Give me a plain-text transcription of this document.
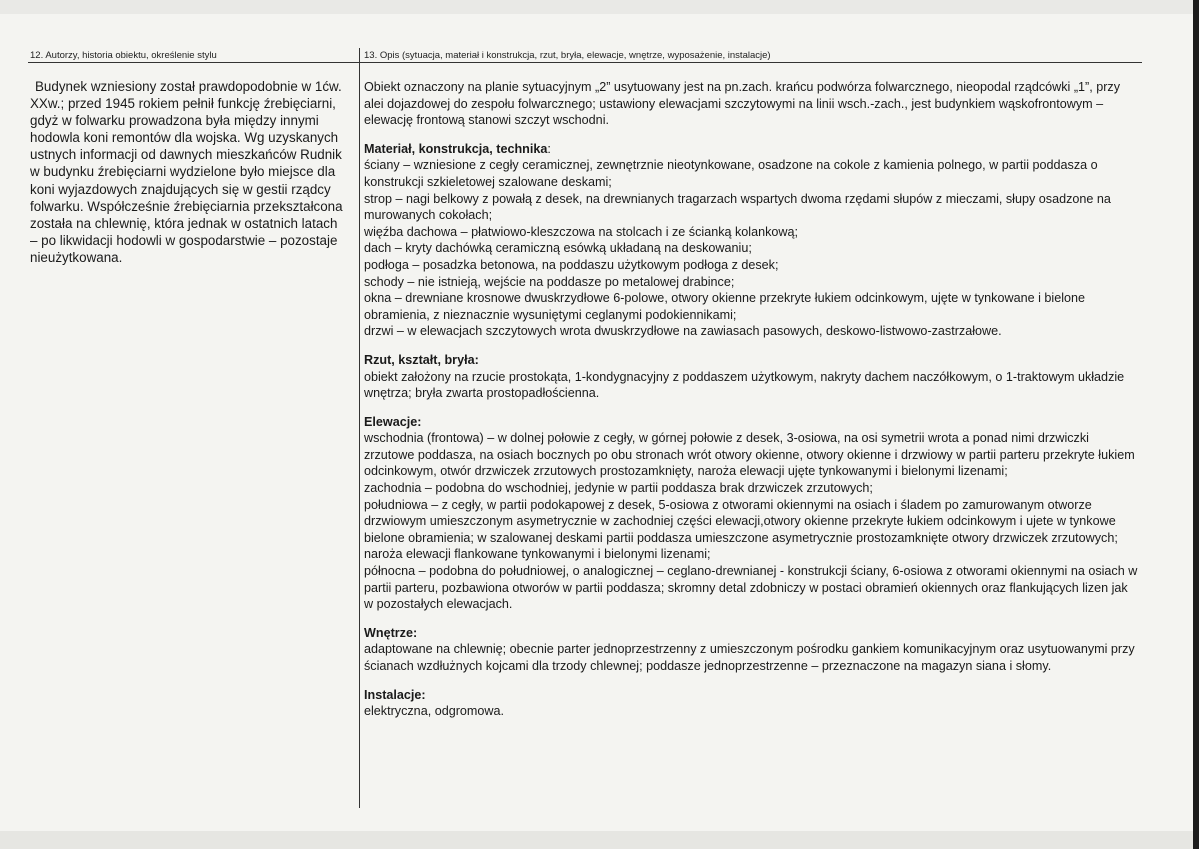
12. Autorzy, historia obiektu, określenie stylu	13. Opis (sytuacja, materiał i konstrukcja, rzut, bryła, elewacje, wnętrze, wyposażenie, instalacje)

Budynek wzniesiony został prawdopodobnie w 1ćw. XXw.; przed 1945 rokiem pełnił funkcję źrebięciarni, gdyż w folwarku prowadzona była między innymi hodowla koni remontów dla wojska. Wg uzyskanych ustnych informacji od dawnych mieszkańców Rudnik w budynku źrebięciarni wydzielone było miejsce dla koni wyjazdowych znajdujących się w gestii rządcy folwarku. Współcześnie źrebięciarnia przekształcona została na chlewnię, która jednak w ostatnich latach – po likwidacji hodowli w gospodarstwie – pozostaje nieużytkowana.

Obiekt oznaczony na planie sytuacyjnym „2” usytuowany jest na pn.zach. krańcu podwórza folwarcznego, nieopodal rządcówki „1”, przy alei dojazdowej do zespołu folwarcznego; ustawiony elewacjami szczytowymi na linii wsch.-zach., jest budynkiem wąskofrontowym – elewację frontową stanowi szczyt wschodni.

Materiał, konstrukcja, technika:
ściany – wzniesione z cegły ceramicznej, zewnętrznie nieotynkowane, osadzone na cokole z kamienia polnego, w partii poddasza o konstrukcji szkieletowej szalowane deskami;
strop – nagi belkowy z powałą z desek, na drewnianych tragarzach wspartych dwoma rzędami słupów z mieczami, słupy osadzone na murowanych cokołach;
więźba dachowa – płatwiowo-kleszczowa na stolcach i ze ścianką kolankową;
dach – kryty dachówką ceramiczną esówką układaną na deskowaniu;
podłoga – posadzka betonowa, na poddaszu użytkowym podłoga z desek;
schody – nie istnieją, wejście na poddasze po metalowej drabince;
okna – drewniane krosnowe dwuskrzydłowe 6-polowe, otwory okienne przekryte łukiem odcinkowym, ujęte w tynkowane i bielone obramienia, z nieznacznie wysuniętymi ceglanymi podokiennikami;
drzwi – w elewacjach szczytowych wrota dwuskrzydłowe na zawiasach pasowych, deskowo-listwowo-zastrzałowe.
Rzut, kształt, bryła:
obiekt założony na rzucie prostokąta, 1-kondygnacyjny z poddaszem użytkowym, nakryty dachem naczółkowym, o 1-traktowym układzie wnętrza; bryła zwarta prostopadłościenna.
Elewacje:
wschodnia (frontowa) – w dolnej połowie z cegły, w górnej połowie z desek, 3-osiowa, na osi symetrii wrota a ponad nimi drzwiczki zrzutowe poddasza, na osiach bocznych po obu stronach wrót otwory okienne, otwory okienne i drzwiowy w partii parteru przekryte łukiem odcinkowym, otwór drzwiczek zrzutowych prostozamknięty, naroża elewacji ujęte tynkowanymi i bielonymi lizenami;
zachodnia – podobna do wschodniej, jedynie w partii poddasza brak drzwiczek zrzutowych;
południowa – z cegły, w partii podokapowej z desek, 5-osiowa z otworami okiennymi na osiach i śladem po zamurowanym otworze drzwiowym umieszczonym asymetrycznie w zachodniej części elewacji,otwory okienne przekryte łukiem odcinkowym i ujete w tynkowe bielone obramienia; w szalowanej deskami partii poddasza umieszczone asymetrycznie prostozamknięte otwory drzwiczek zrzutowych; naroża elewacji flankowane tynkowanymi i bielonymi lizenami;
północna – podobna do południowej, o analogicznej – ceglano-drewnianej - konstrukcji ściany, 6-osiowa z otworami okiennymi na osiach w partii parteru, pozbawiona otworów w partii poddasza; skromny detal zdobniczy w postaci obramień okiennych oraz flankujących lizen jak w pozostałych elewacjach.
Wnętrze:
adaptowane na chlewnię; obecnie parter jednoprzestrzenny z umieszczonym pośrodku gankiem komunikacyjnym oraz usytuowanymi przy ścianach wzdłużnych kojcami dla trzody chlewnej; poddasze jednoprzestrzenne – przeznaczone na magazyn siana i słomy.
Instalacje:
elektryczna, odgromowa.
